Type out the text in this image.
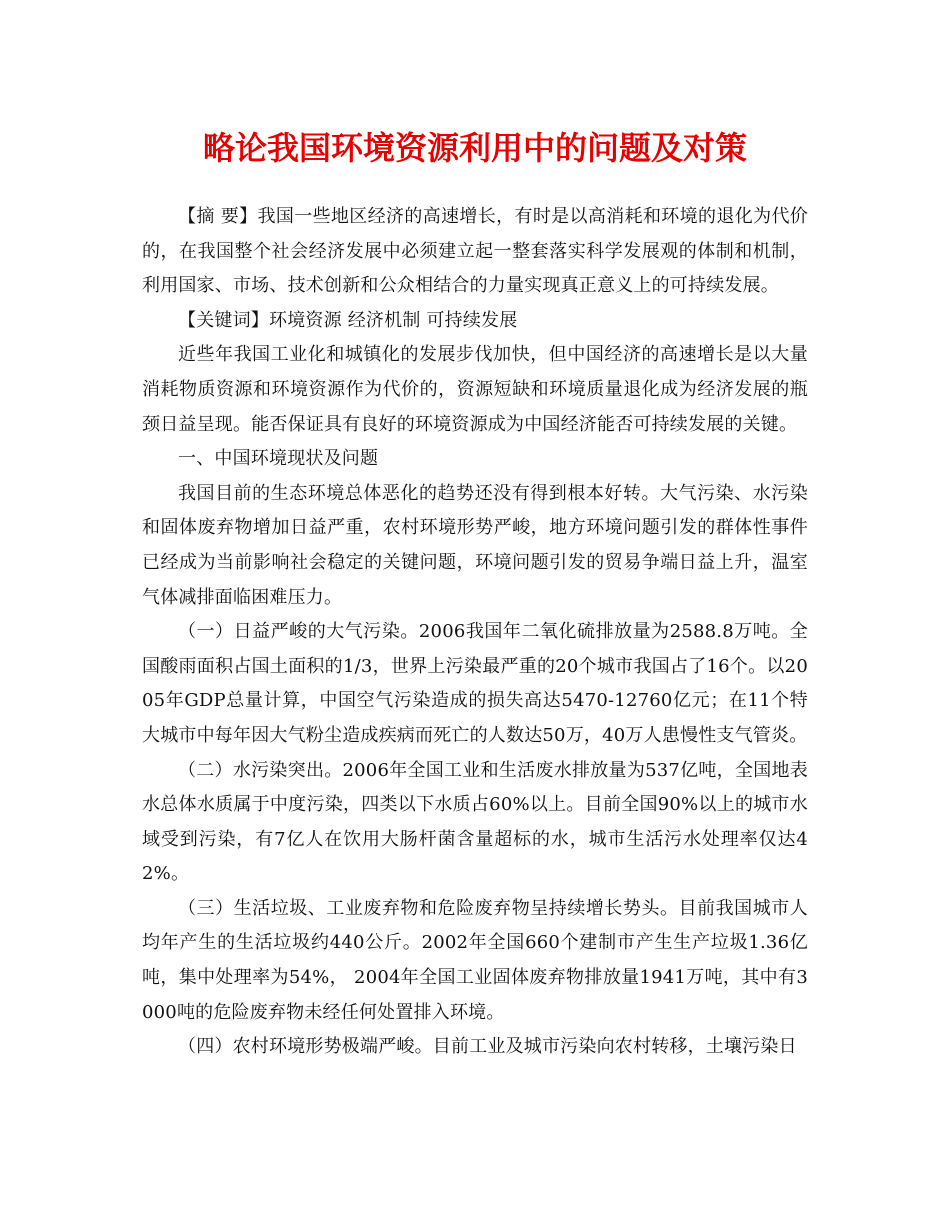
略论我国环境资源利用中的问题及对策

【摘 要】我国一些地区经济的高速增长，有时是以高消耗和环境的退化为代价的，在我国整个社会经济发展中必须建立起一整套落实科学发展观的体制和机制，利用国家、市场、技术创新和公众相结合的力量实现真正意义上的可持续发展。

【关键词】环境资源 经济机制 可持续发展

近些年我国工业化和城镇化的发展步伐加快，但中国经济的高速增长是以大量消耗物质资源和环境资源作为代价的，资源短缺和环境质量退化成为经济发展的瓶颈日益呈现。能否保证具有良好的环境资源成为中国经济能否可持续发展的关键。

一、中国环境现状及问题

我国目前的生态环境总体恶化的趋势还没有得到根本好转。大气污染、水污染和固体废弃物增加日益严重，农村环境形势严峻，地方环境问题引发的群体性事件已经成为当前影响社会稳定的关键问题，环境问题引发的贸易争端日益上升，温室气体减排面临困难压力。

（一）日益严峻的大气污染。2006我国年二氧化硫排放量为2588.8万吨。全国酸雨面积占国土面积的1/3，世界上污染最严重的20个城市我国占了16个。以2005年GDP总量计算，中国空气污染造成的损失高达5470-12760亿元；在11个特大城市中每年因大气粉尘造成疾病而死亡的人数达50万，40万人患慢性支气管炎。

（二）水污染突出。2006年全国工业和生活废水排放量为537亿吨，全国地表水总体水质属于中度污染，四类以下水质占60%以上。目前全国90%以上的城市水域受到污染，有7亿人在饮用大肠杆菌含量超标的水，城市生活污水处理率仅达42%。

（三）生活垃圾、工业废弃物和危险废弃物呈持续增长势头。目前我国城市人均年产生的生活垃圾约440公斤。2002年全国660个建制市产生生产垃圾1.36亿吨，集中处理率为54%， 2004年全国工业固体废弃物排放量1941万吨，其中有3000吨的危险废弃物未经任何处置排入环境。

（四）农村环境形势极端严峻。目前工业及城市污染向农村转移，土壤污染日
